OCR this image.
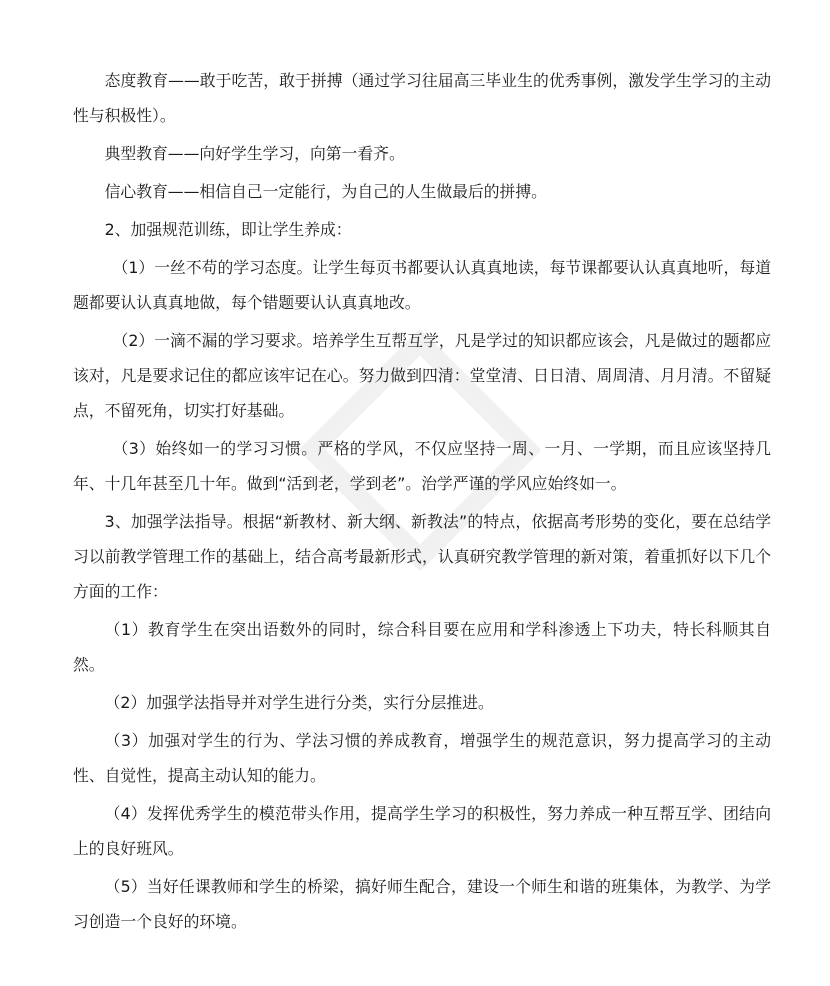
态度教育——敢于吃苦，敢于拼搏（通过学习往届高三毕业生的优秀事例，激发学生学习的主动性与积极性）。

典型教育——向好学生学习，向第一看齐。

信心教育——相信自己一定能行，为自己的人生做最后的拼搏。

2、加强规范训练，即让学生养成：

（1）一丝不苟的学习态度。让学生每页书都要认认真真地读，每节课都要认认真真地听，每道题都要认认真真地做，每个错题要认认真真地改。

（2）一滴不漏的学习要求。培养学生互帮互学，凡是学过的知识都应该会，凡是做过的题都应该对，凡是要求记住的都应该牢记在心。努力做到四清：堂堂清、日日清、周周清、月月清。不留疑点，不留死角，切实打好基础。

（3）始终如一的学习习惯。严格的学风，不仅应坚持一周、一月、一学期，而且应该坚持几年、十几年甚至几十年。做到“活到老，学到老”。治学严谨的学风应始终如一。

3、加强学法指导。根据“新教材、新大纲、新教法”的特点，依据高考形势的变化，要在总结学习以前教学管理工作的基础上，结合高考最新形式，认真研究教学管理的新对策，着重抓好以下几个方面的工作：

（1）教育学生在突出语数外的同时，综合科目要在应用和学科渗透上下功夫，特长科顺其自然。

（2）加强学法指导并对学生进行分类，实行分层推进。

（3）加强对学生的行为、学法习惯的养成教育，增强学生的规范意识，努力提高学习的主动性、自觉性，提高主动认知的能力。

（4）发挥优秀学生的模范带头作用，提高学生学习的积极性，努力养成一种互帮互学、团结向上的良好班风。

（5）当好任课教师和学生的桥梁，搞好师生配合，建设一个师生和谐的班集体，为教学、为学习创造一个良好的环境。
